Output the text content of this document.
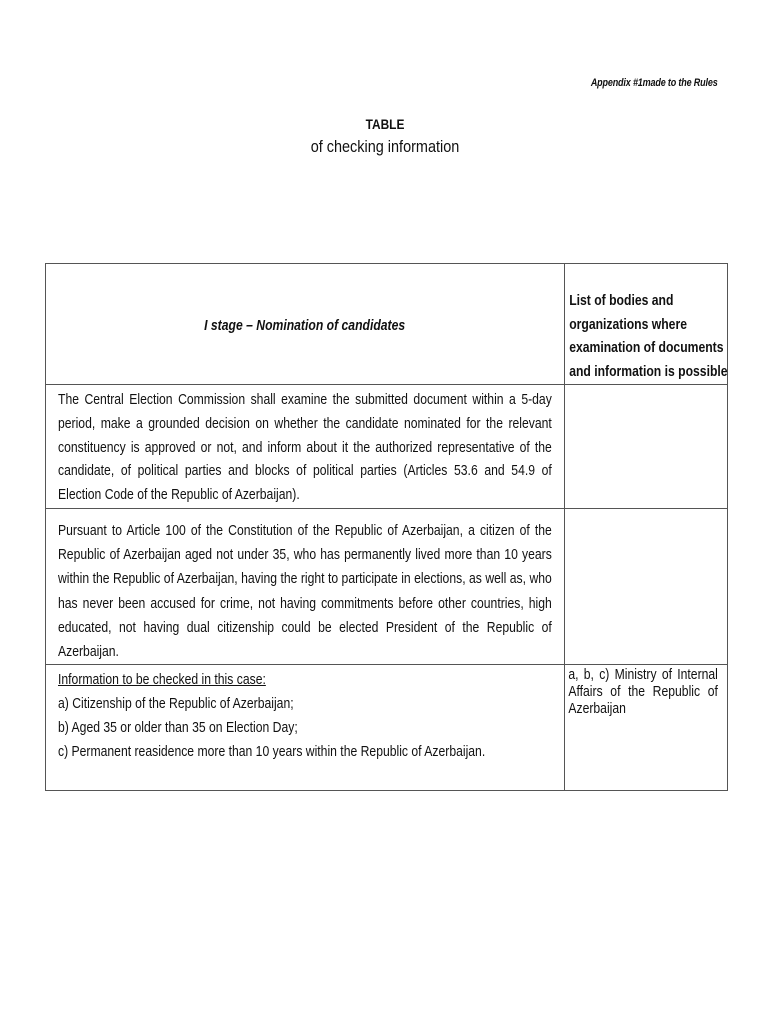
Appendix #1made to the Rules
TABLE
of checking information
I stage – Nomination of candidates	List of bodies and organizations where examination of documents and information is possible

The Central Election Commission shall examine the submitted document within a 5-day period, make a grounded decision on whether the candidate nominated for the relevant constituency is approved or not, and inform about it the authorized representative of the candidate, of political parties and blocks of political parties (Articles 53.6 and 54.9 of Election Code of the Republic of Azerbaijan).	

Pursuant to Article 100 of the Constitution of the Republic of Azerbaijan, a citizen of the Republic of Azerbaijan aged not under 35, who has permanently lived more than 10 years within the Republic of Azerbaijan, having the right to participate in elections, as well as, who has never been accused for crime, not having commitments before other countries, high educated, not having dual citizenship could be elected President of the Republic of Azerbaijan.	

Information to be checked in this case:
a) Citizenship of the Republic of Azerbaijan;
b) Aged 35 or older than 35 on Election Day;
c) Permanent reasidence more than 10 years within the Republic of Azerbaijan.	a, b, c) Ministry of Internal Affairs of the Republic of Azerbaijan
